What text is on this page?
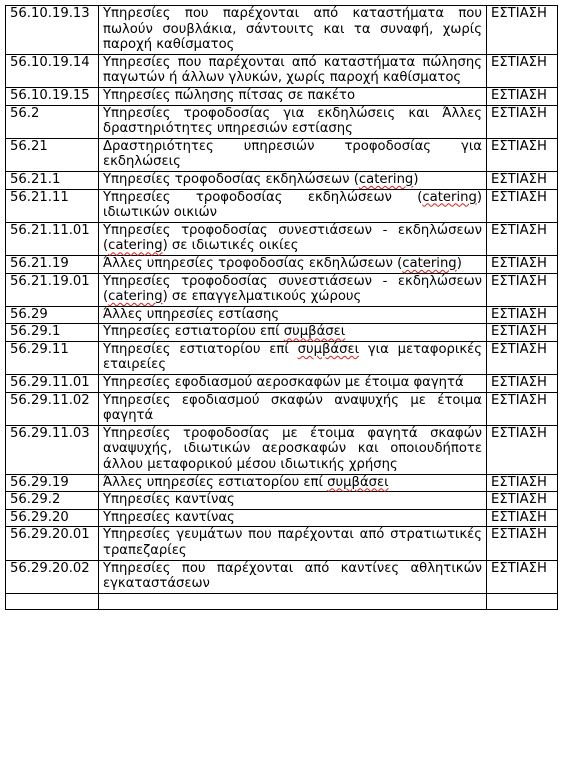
56.10.19.13	Υπηρεσίες που παρέχονται από καταστήματα που πωλούν σουβλάκια, σάντουιτς και τα συναφή, χωρίς παροχή καθίσματος	ΕΣΤΙΑΣΗ
56.10.19.14	Υπηρεσίες που παρέχονται από καταστήματα πώλησης παγωτών ή άλλων γλυκών, χωρίς παροχή καθίσματος	ΕΣΤΙΑΣΗ
56.10.19.15	Υπηρεσίες πώλησης πίτσας σε πακέτο	ΕΣΤΙΑΣΗ
56.2	Υπηρεσίες τροφοδοσίας για εκδηλώσεις και Άλλες δραστηριότητες υπηρεσιών εστίασης	ΕΣΤΙΑΣΗ
56.21	Δραστηριότητες υπηρεσιών τροφοδοσίας για εκδηλώσεις	ΕΣΤΙΑΣΗ
56.21.1	Υπηρεσίες τροφοδοσίας εκδηλώσεων (catering)	ΕΣΤΙΑΣΗ
56.21.11	Υπηρεσίες τροφοδοσίας εκδηλώσεων (catering) ιδιωτικών οικιών	ΕΣΤΙΑΣΗ
56.21.11.01	Υπηρεσίες τροφοδοσίας συνεστιάσεων - εκδηλώσεων (catering) σε ιδιωτικές οικίες	ΕΣΤΙΑΣΗ
56.21.19	Άλλες υπηρεσίες τροφοδοσίας εκδηλώσεων (catering)	ΕΣΤΙΑΣΗ
56.21.19.01	Υπηρεσίες τροφοδοσίας συνεστιάσεων - εκδηλώσεων (catering) σε επαγγελματικούς χώρους	ΕΣΤΙΑΣΗ
56.29	Άλλες υπηρεσίες εστίασης	ΕΣΤΙΑΣΗ
56.29.1	Υπηρεσίες εστιατορίου επί συμβάσει	ΕΣΤΙΑΣΗ
56.29.11	Υπηρεσίες εστιατορίου επί συμβάσει για μεταφορικές εταιρείες	ΕΣΤΙΑΣΗ
56.29.11.01	Υπηρεσίες εφοδιασμού αεροσκαφών με έτοιμα φαγητά	ΕΣΤΙΑΣΗ
56.29.11.02	Υπηρεσίες εφοδιασμού σκαφών αναψυχής με έτοιμα φαγητά	ΕΣΤΙΑΣΗ
56.29.11.03	Υπηρεσίες τροφοδοσίας με έτοιμα φαγητά σκαφών αναψυχής, ιδιωτικών αεροσκαφών και οποιουδήποτε άλλου μεταφορικού μέσου ιδιωτικής χρήσης	ΕΣΤΙΑΣΗ
56.29.19	Άλλες υπηρεσίες εστιατορίου επί συμβάσει	ΕΣΤΙΑΣΗ
56.29.2	Υπηρεσίες καντίνας	ΕΣΤΙΑΣΗ
56.29.20	Υπηρεσίες καντίνας	ΕΣΤΙΑΣΗ
56.29.20.01	Υπηρεσίες γευμάτων που παρέχονται από στρατιωτικές τραπεζαρίες	ΕΣΤΙΑΣΗ
56.29.20.02	Υπηρεσίες που παρέχονται από καντίνες αθλητικών εγκαταστάσεων	ΕΣΤΙΑΣΗ
